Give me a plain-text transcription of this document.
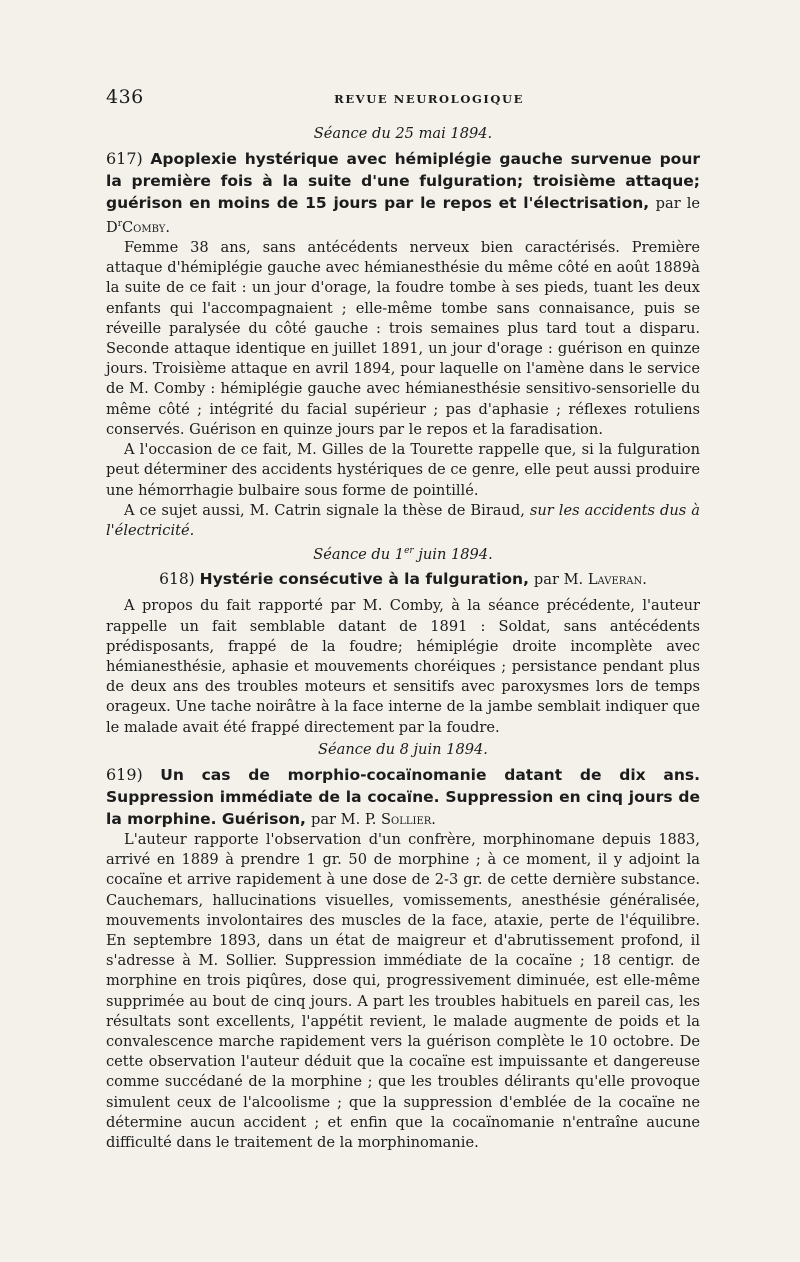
436	REVUE NEUROLOGIQUE
Séance du 25 mai 1894.

617) Apoplexie hystérique avec hémiplégie gauche survenue pour la première fois à la suite d'une fulguration; troisième attaque; guérison en moins de 15 jours par le repos et l'électrisation, par le $D^rComby$.

Femme 38 ans, sans antécédents nerveux bien caractérisés. Première attaque d'hémiplégie gauche avec hémianesthésie du même côté en août 1889à la suite de ce fait : un jour d'orage, la foudre tombe à ses pieds, tuant les deux enfants qui l'accompagnaient ; elle-même tombe sans connaisance, puis se réveille paralysée du côté gauche : trois semaines plus tard tout a disparu. Seconde attaque identique en juillet 1891, un jour d'orage : guérison en quinze jours. Troisième attaque en avril 1894, pour laquelle on l'amène dans le service de M. Comby : hémiplégie gauche avec hémianesthésie sensitivo-sensorielle du même côté ; intégrité du facial supérieur ; pas d'aphasie ; réflexes rotuliens conservés. Guérison en quinze jours par le repos et la faradisation.

A l'occasion de ce fait, M. Gilles de la Tourette rappelle que, si la fulguration peut déterminer des accidents hystériques de ce genre, elle peut aussi produire une hémorrhagie bulbaire sous forme de pointillé.

A ce sujet aussi, M. Catrin signale la thèse de Biraud, sur les accidents dus à l'électricité.

Séance du 1er juin 1894.
618) Hystérie consécutive à la fulguration, par M. Laveran.

A propos du fait rapporté par M. Comby, à la séance précédente, l'auteur rappelle un fait semblable datant de 1891 : Soldat, sans antécédents prédisposants, frappé de la foudre; hémiplégie droite incomplète avec hémianesthésie, aphasie et mouvements choréiques ; persistance pendant plus de deux ans des troubles moteurs et sensitifs avec paroxysmes lors de temps orageux. Une tache noirâtre à la face interne de la jambe semblait indiquer que le malade avait été frappé directement par la foudre.

Séance du 8 juin 1894.

619) Un cas de morphio-cocaïnomanie datant de dix ans. Suppression immédiate de la cocaïne. Suppression en cinq jours de la morphine. Guérison, par M. P. Sollier.

L'auteur rapporte l'observation d'un confrère, morphinomane depuis 1883, arrivé en 1889 à prendre 1 gr. 50 de morphine ; à ce moment, il y adjoint la cocaïne et arrive rapidement à une dose de 2-3 gr. de cette dernière substance. Cauchemars, hallucinations visuelles, vomissements, anesthésie généralisée, mouvements involontaires des muscles de la face, ataxie, perte de l'équilibre. En septembre 1893, dans un état de maigreur et d'abrutissement profond, il s'adresse à M. Sollier. Suppression immédiate de la cocaïne ; 18 centigr. de morphine en trois piqûres, dose qui, progressivement diminuée, est elle-même supprimée au bout de cinq jours. A part les troubles habituels en pareil cas, les résultats sont excellents, l'appétit revient, le malade augmente de poids et la convalescence marche rapidement vers la guérison complète le 10 octobre. De cette observation l'auteur déduit que la cocaïne est impuissante et dangereuse comme succédané de la morphine ; que les troubles délirants qu'elle provoque simulent ceux de l'alcoolisme ; que la suppression d'emblée de la cocaïne ne détermine aucun accident ; et enfin que la cocaïnomanie n'entraîne aucune difficulté dans le traitement de la morphinomanie.
